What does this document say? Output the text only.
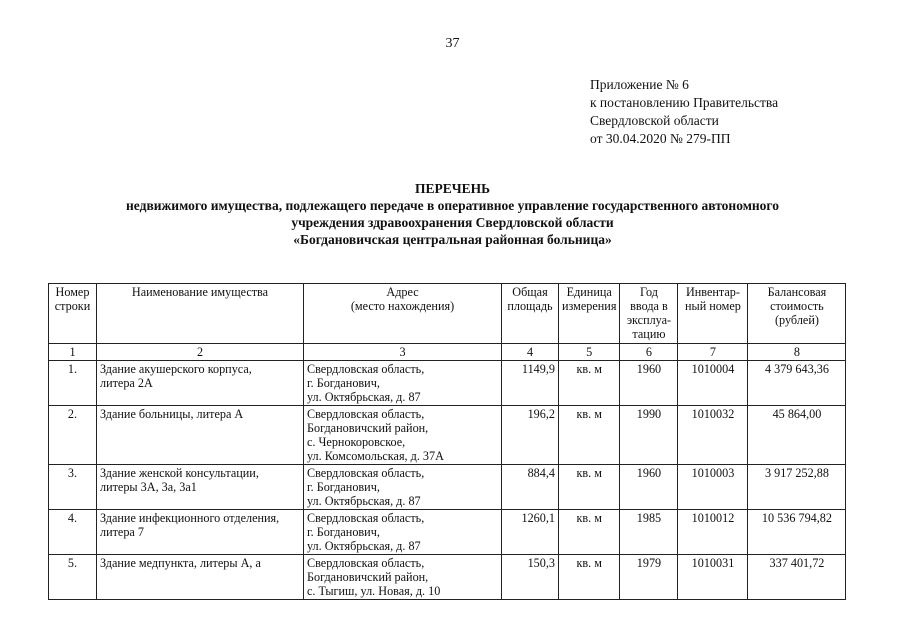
37
Приложение № 6
к постановлению Правительства
Свердловской области
от 30.04.2020 № 279-ПП
ПЕРЕЧЕНЬ
недвижимого имущества, подлежащего передаче в оперативное управление государственного автономного
учреждения здравоохранения Свердловской области
«Богдановичская центральная районная больница»
Номер
строки	Наименование имущества	Адрес
(место нахождения)	Общая
площадь	Единица
измерения	Год
ввода в
эксплуа-
тацию	Инвентар-
ный номер	Балансовая
стоимость
(рублей)

1	2	3	4	5	6	7	8
1.	Здание акушерского корпуса,
литера 2А	Свердловская область,
г. Богданович,
ул. Октябрьская, д. 87	1149,9	кв. м	1960	1010004	4 379 643,36
2.	Здание больницы, литера А	Свердловская область,
Богдановичский район,
с. Чернокоровское,
ул. Комсомольская, д. 37А	196,2	кв. м	1990	1010032	45 864,00
3.	Здание женской консультации,
литеры 3А, 3а, 3а1	Свердловская область,
г. Богданович,
ул. Октябрьская, д. 87	884,4	кв. м	1960	1010003	3 917 252,88
4.	Здание инфекционного отделения,
литера 7	Свердловская область,
г. Богданович,
ул. Октябрьская, д. 87	1260,1	кв. м	1985	1010012	10 536 794,82
5.	Здание медпункта, литеры А, а	Свердловская область,
Богдановичский район,
с. Тыгиш, ул. Новая, д. 10	150,3	кв. м	1979	1010031	337 401,72
